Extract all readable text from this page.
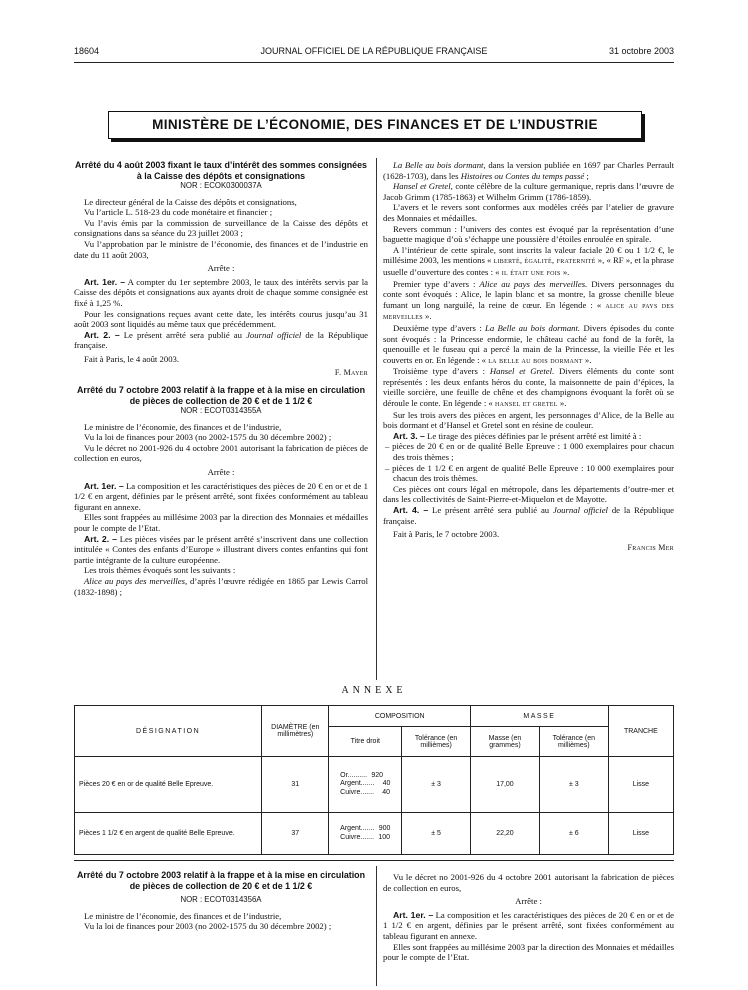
18604	JOURNAL OFFICIEL DE LA RÉPUBLIQUE FRANÇAISE	31 octobre 2003
MINISTÈRE DE L’ÉCONOMIE, DES FINANCES ET DE L’INDUSTRIE

Arrêté du 4 août 2003 fixant le taux d’intérêt des sommes consignées à la Caisse des dépôts et consignations

NOR : ECOK0300037A

Le directeur général de la Caisse des dépôts et consignations,

Vu l’article L. 518-23 du code monétaire et financier ;

Vu l’avis émis par la commission de surveillance de la Caisse des dépôts et consignations dans sa séance du 23 juillet 2003 ;

Vu l’approbation par le ministre de l’économie, des finances et de l’industrie en date du 11 août 2003,

Arrête :

Art. 1er. – A compter du 1er septembre 2003, le taux des intérêts servis par la Caisse des dépôts et consignations aux ayants droit de chaque somme consignée est fixé à 1,25 %.

Pour les consignations reçues avant cette date, les intérêts courus jusqu’au 31 août 2003 sont liquidés au même taux que précédemment.

Art. 2. – Le présent arrêté sera publié au Journal officiel de la République française.

Fait à Paris, le 4 août 2003.

F. Mayer

Arrêté du 7 octobre 2003 relatif à la frappe et à la mise en circulation de pièces de collection de 20 € et de 1 1/2 €

NOR : ECOT0314355A

Le ministre de l’économie, des finances et de l’industrie,

Vu la loi de finances pour 2003 (no 2002-1575 du 30 décembre 2002) ;

Vu le décret no 2001-926 du 4 octobre 2001 autorisant la fabrication de pièces de collection en euros,

Arrête :

Art. 1er. – La composition et les caractéristiques des pièces de 20 € en or et de 1 1/2 € en argent, définies par le présent arrêté, sont fixées conformément au tableau figurant en annexe.

Elles sont frappées au millésime 2003 par la direction des Monnaies et médailles pour le compte de l’Etat.

Art. 2. – Les pièces visées par le présent arrêté s’inscrivent dans une collection intitulée « Contes des enfants d’Europe » illustrant divers contes enfantins qui font partie intégrante de la culture européenne.

Les trois thèmes évoqués sont les suivants :

Alice au pays des merveilles, d’après l’œuvre rédigée en 1865 par Lewis Carrol (1832-1898) ;

La Belle au bois dormant, dans la version publiée en 1697 par Charles Perrault (1628-1703), dans les Histoires ou Contes du temps passé ;

Hansel et Gretel, conte célèbre de la culture germanique, repris dans l’œuvre de Jacob Grimm (1785-1863) et Wilhelm Grimm (1786-1859).

L’avers et le revers sont conformes aux modèles créés par l’atelier de gravure des Monnaies et médailles.

Revers commun : l’univers des contes est évoqué par la représentation d’une baguette magique d’où s’échappe une poussière d’étoiles enroulée en spirale.

A l’intérieur de cette spirale, sont inscrits la valeur faciale 20 € ou 1 1/2 €, le millésime 2003, les mentions « liberté, égalité, fraternité », « RF », et la phrase usuelle d’ouverture des contes : « il était une fois ».

Premier type d’avers : Alice au pays des merveilles. Divers personnages du conte sont évoqués : Alice, le lapin blanc et sa montre, la grosse chenille bleue fumant un long narguilé, la reine de cœur. En légende : « alice au pays des merveilles ».

Deuxième type d’avers : La Belle au bois dormant. Divers épisodes du conte sont évoqués : la Princesse endormie, le château caché au fond de la forêt, la quenouille et le fuseau qui a percé la main de la Princesse, la vieille Fée et les couverts en or. En légende : « la belle au bois dormant ».

Troisième type d’avers : Hansel et Gretel. Divers éléments du conte sont représentés : les deux enfants héros du conte, la maisonnette de pain d’épices, la vieille sorcière, une feuille de chêne et des champignons évoquant la forêt où se déroule le conte. En légende : « hansel et gretel ».

Sur les trois avers des pièces en argent, les personnages d’Alice, de la Belle au bois dormant et d’Hansel et Gretel sont en résine de couleur.

Art. 3. – Le tirage des pièces définies par le présent arrêté est limité à :

– pièces de 20 € en or de qualité Belle Epreuve : 1 000 exemplaires pour chacun des trois thèmes ;

– pièces de 1 1/2 € en argent de qualité Belle Epreuve : 10 000 exemplaires pour chacun des trois thèmes.

Ces pièces ont cours légal en métropole, dans les départements d’outre-mer et dans les collectivités de Saint-Pierre-et-Miquelon et de Mayotte.

Art. 4. – Le présent arrêté sera publié au Journal officiel de la République française.

Fait à Paris, le 7 octobre 2003.

Francis Mer

ANNEXE
DÉSIGNATION	DIAMÈTRE (en millimètres)	COMPOSITION		MASSE		TRANCHE
		Titre droit	Tolérance (en millièmes)	Masse (en grammes)	Tolérance (en millièmes)	
Pièces 20 € en or de qualité Belle Epreuve.	31	Or.......... 920
Argent....... 40
Cuivre....... 40	± 3	17,00	± 3	Lisse
Pièces 1 1/2 € en argent de qualité Belle Epreuve.	37	Argent....... 900
Cuivre....... 100	± 5	22,20	± 6	Lisse

Arrêté du 7 octobre 2003 relatif à la frappe et à la mise en circulation de pièces de collection de 20 € et de 1 1/2 €

NOR : ECOT0314356A

Le ministre de l’économie, des finances et de l’industrie,

Vu la loi de finances pour 2003 (no 2002-1575 du 30 décembre 2002) ;

Vu le décret no 2001-926 du 4 octobre 2001 autorisant la fabrication de pièces de collection en euros,

Arrête :

Art. 1er. – La composition et les caractéristiques des pièces de 20 € en or et de 1 1/2 € en argent, définies par le présent arrêté, sont fixées conformément au tableau figurant en annexe.

Elles sont frappées au millésime 2003 par la direction des Monnaies et médailles pour le compte de l’Etat.
